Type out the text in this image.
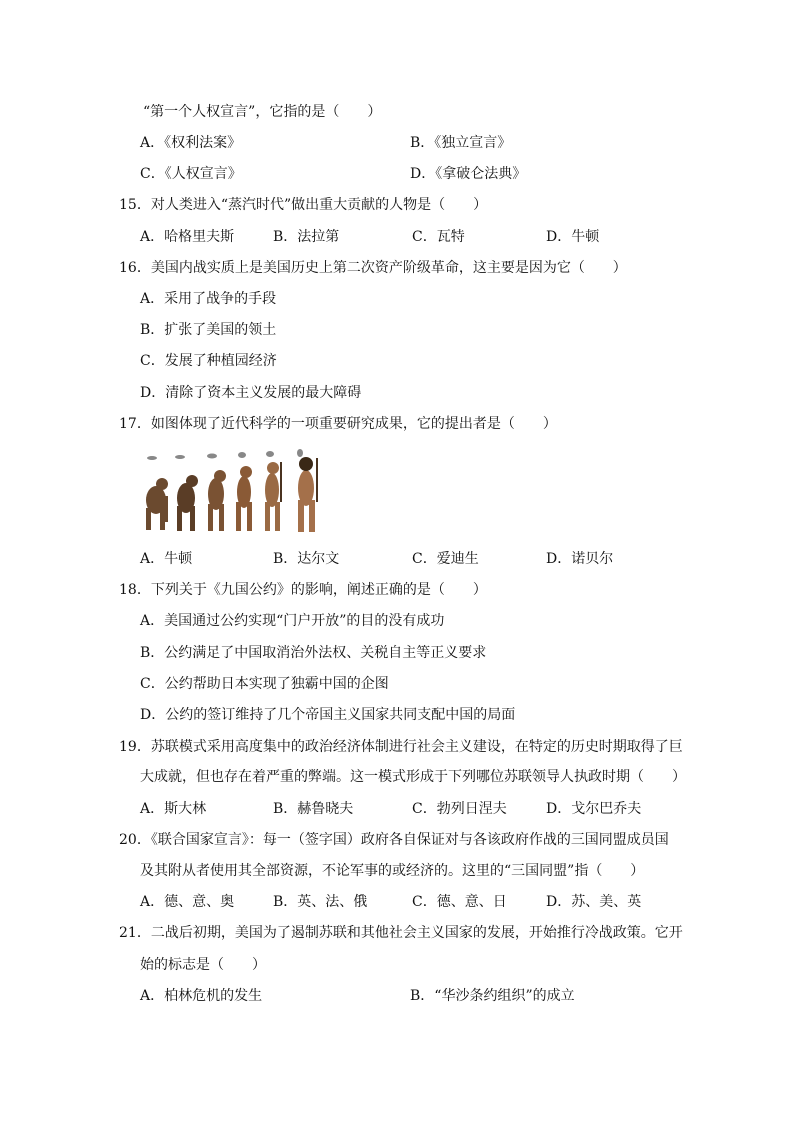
“第一个人权宣言”，它指的是（　　）
A．《权利法案》	B．《独立宣言》
C．《人权宣言》	D．《拿破仑法典》
15．对人类进入“蒸汽时代”做出重大贡献的人物是（　　）
A．哈格里夫斯	B．法拉第	C．瓦特	D．牛顿
16．美国内战实质上是美国历史上第二次资产阶级革命，这主要是因为它（　　）
A．采用了战争的手段
B．扩张了美国的领土
C．发展了种植园经济
D．清除了资本主义发展的最大障碍
17．如图体现了近代科学的一项重要研究成果，它的提出者是（　　）
A．牛顿	B．达尔文	C．爱迪生	D．诺贝尔
18．下列关于《九国公约》的影响，阐述正确的是（　　）
A．美国通过公约实现“门户开放”的目的没有成功
B．公约满足了中国取消治外法权、关税自主等正义要求
C．公约帮助日本实现了独霸中国的企图
D．公约的签订维持了几个帝国主义国家共同支配中国的局面
19．苏联模式采用高度集中的政治经济体制进行社会主义建设，在特定的历史时期取得了巨
大成就，但也存在着严重的弊端。这一模式形成于下列哪位苏联领导人执政时期（　　）
A．斯大林	B．赫鲁晓夫	C．勃列日涅夫	D．戈尔巴乔夫
20．《联合国家宣言》：每一（签字国）政府各自保证对与各该政府作战的三国同盟成员国
及其附从者使用其全部资源，不论军事的或经济的。这里的“三国同盟”指（　　）
A．德、意、奥	B．英、法、俄	C．德、意、日	D．苏、美、英
21．二战后初期，美国为了遏制苏联和其他社会主义国家的发展，开始推行冷战政策。它开
始的标志是（　　）
A．柏林危机的发生	B．“华沙条约组织”的成立
